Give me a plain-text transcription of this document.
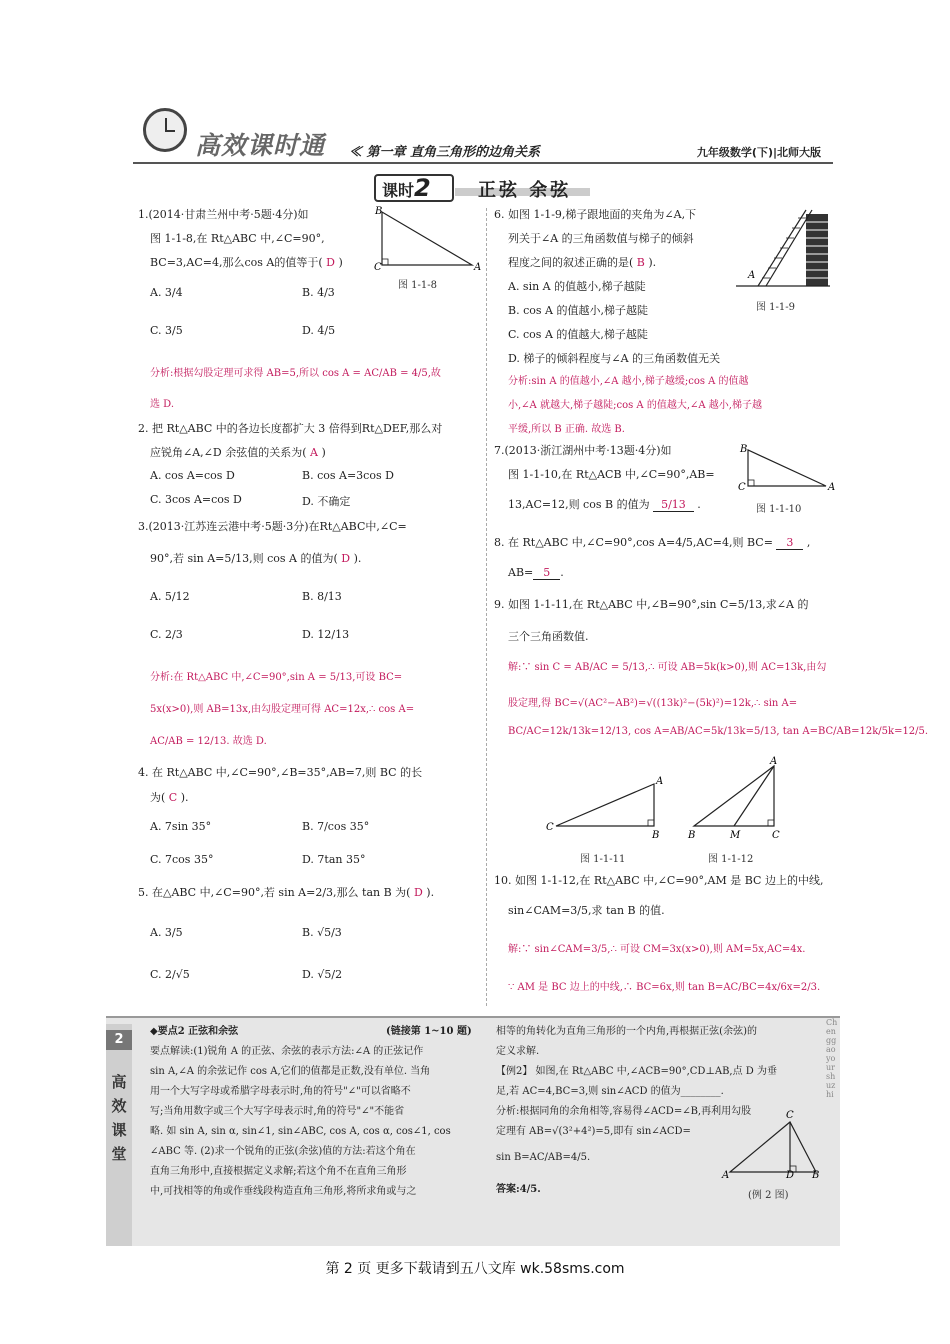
高效课时通 ≪ 第一章 直角三角形的边角关系	九年级数学(下)|北师大版
课时2	正弦 余弦
1.(2014·甘肃兰州中考·5题·4分)如
图 1-1-8,在 Rt△ABC 中,∠C=90°,
BC=3,AC=4,那么cos A的值等于( D )
B
C	A
图 1-1-8
A. 3/4	B. 4/3
C. 3/5	D. 4/5
分析:根据勾股定理可求得 AB=5,所以 cos A = AC/AB = 4/5,故
选 D.
2. 把 Rt△ABC 中的各边长度都扩大 3 倍得到Rt△DEF,那么对
应锐角∠A,∠D 余弦值的关系为( A )
A. cos A=cos D	B. cos A=3cos D
C. 3cos A=cos D	D. 不确定
3.(2013·江苏连云港中考·5题·3分)在Rt△ABC中,∠C=
90°,若 sin A=5/13,则 cos A 的值为( D ).
A. 5/12	B. 8/13
C. 2/3	D. 12/13
分析:在 Rt△ABC 中,∠C=90°,sin A = 5/13,可设 BC=
5x(x>0),则 AB=13x,由勾股定理可得 AC=12x,∴ cos A=
AC/AB = 12/13. 故选 D.
4. 在 Rt△ABC 中,∠C=90°,∠B=35°,AB=7,则 BC 的长
为( C ).
A. 7sin 35°	B. 7/cos 35°
C. 7cos 35°	D. 7tan 35°
5. 在△ABC 中,∠C=90°,若 sin A=2/3,那么 tan B 为( D ).
A. 3/5	B. √5/3
C. 2/√5	D. √5/2
6. 如图 1-1-9,梯子跟地面的夹角为∠A,下
列关于∠A 的三角函数值与梯子的倾斜
程度之间的叙述正确的是( B ).
A. sin A 的值越小,梯子越陡
B. cos A 的值越小,梯子越陡
C. cos A 的值越大,梯子越陡
D. 梯子的倾斜程度与∠A 的三角函数值无关
A
图 1-1-9
分析:sin A 的值越小,∠A 越小,梯子越缓;cos A 的值越
小,∠A 就越大,梯子越陡;cos A 的值越大,∠A 越小,梯子越
平缓,所以 B 正确. 故选 B.
7.(2013·浙江湖州中考·13题·4分)如
图 1-1-10,在 Rt△ACB 中,∠C=90°,AB=
13,AC=12,则 cos B 的值为 5/13 .
B
C	A
图 1-1-10
8. 在 Rt△ABC 中,∠C=90°,cos A=4/5,AC=4,则 BC= 3 ,
AB= 5 .
9. 如图 1-1-11,在 Rt△ABC 中,∠B=90°,sin C=5/13,求∠A 的
三个三角函数值.
解:∵ sin C = AB/AC = 5/13,∴ 可设 AB=5k(k>0),则 AC=13k,由勾
股定理,得 BC=√(AC²−AB²)=√((13k)²−(5k)²)=12k,∴ sin A=
BC/AC=12k/13k=12/13, cos A=AB/AC=5k/13k=5/13, tan A=BC/AB=12k/5k=12/5.
C
A
B
图 1-1-11
B	M	C
A
图 1-1-12
10. 如图 1-1-12,在 Rt△ABC 中,∠C=90°,AM 是 BC 边上的中线,
sin∠CAM=3/5,求 tan B 的值.
解:∵ sin∠CAM=3/5,∴ 可设 CM=3x(x>0),则 AM=5x,AC=4x.
∵ AM 是 BC 边上的中线,∴ BC=6x,则 tan B=AC/BC=4x/6x=2/3.
2
高效课堂
Chenggao your shuzhi
◆要点2 正弦和余弦	(链接第 1~10 题)
要点解读:(1)锐角 A 的正弦、余弦的表示方法:∠A 的正弦记作
sin A,∠A 的余弦记作 cos A,它们的值都是正数,没有单位. 当角
用一个大写字母或希腊字母表示时,角的符号"∠"可以省略不
写;当角用数字或三个大写字母表示时,角的符号"∠"不能省
略. 如 sin A, sin α, sin∠1, sin∠ABC, cos A, cos α, cos∠1, cos
∠ABC 等. (2)求一个锐角的正弦(余弦)值的方法:若这个角在
直角三角形中,直接根据定义求解;若这个角不在直角三角形
中,可找相等的角或作垂线段构造直角三角形,将所求角或与之
相等的角转化为直角三角形的一个内角,再根据正弦(余弦)的
定义求解.
【例2】 如图,在 Rt△ABC 中,∠ACB=90°,CD⊥AB,点 D 为垂
足,若 AC=4,BC=3,则 sin∠ACD 的值为________.
分析:根据同角的余角相等,容易得∠ACD=∠B,再利用勾股
定理有 AB=√(3²+4²)=5,即有 sin∠ACD=
sin B=AC/AB=4/5.
答案:4/5.
C
A	D B
(例 2 图)
第 2 页 更多下载请到五八文库 wk.58sms.com
